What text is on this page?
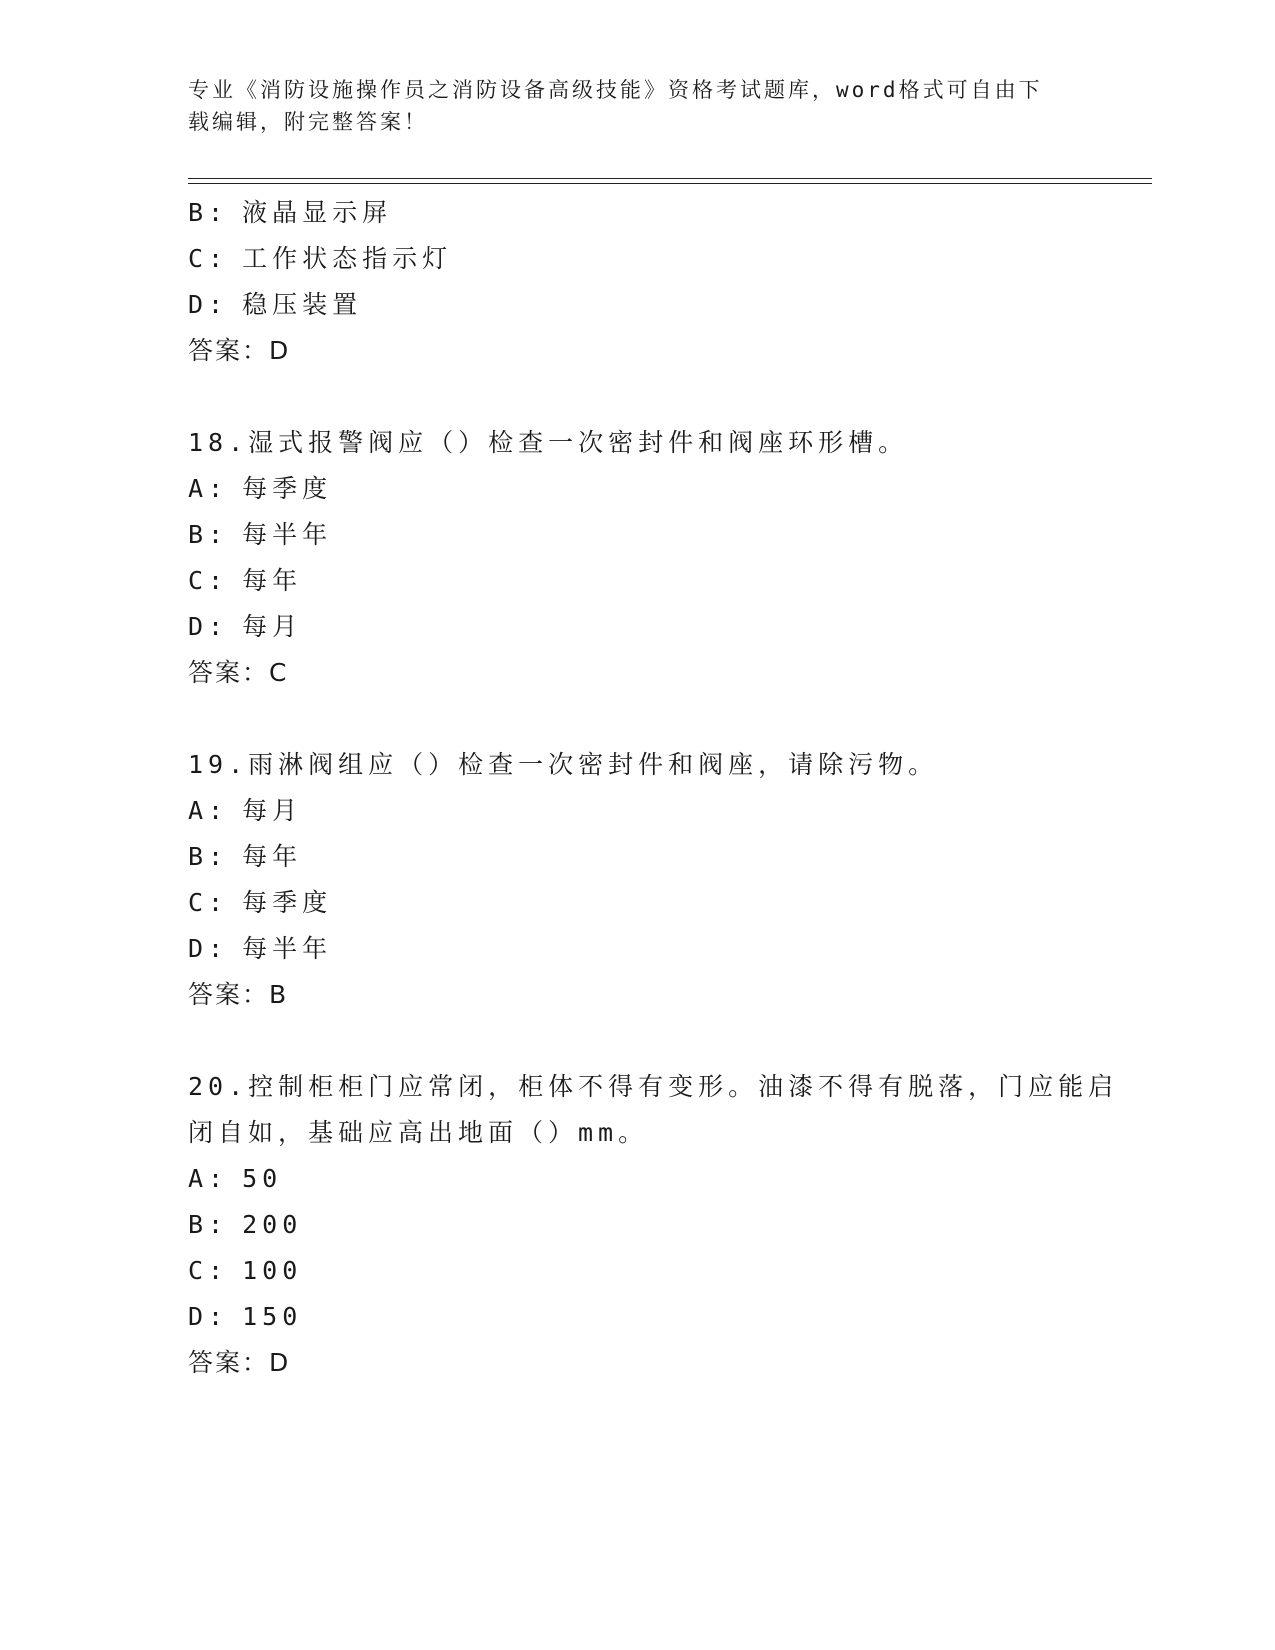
专业《消防设施操作员之消防设备高级技能》资格考试题库，word格式可自由下
载编辑，附完整答案！
B: 液晶显示屏
C: 工作状态指示灯
D: 稳压装置
答案：D
18.湿式报警阀应（）检查一次密封件和阀座环形槽。
A: 每季度
B: 每半年
C: 每年
D: 每月
答案：C
19.雨淋阀组应（）检查一次密封件和阀座，请除污物。
A: 每月
B: 每年
C: 每季度
D: 每半年
答案：B
20.控制柜柜门应常闭，柜体不得有变形。油漆不得有脱落，门应能启
闭自如，基础应高出地面（）mm。
A: 50
B: 200
C: 100
D: 150
答案：D
